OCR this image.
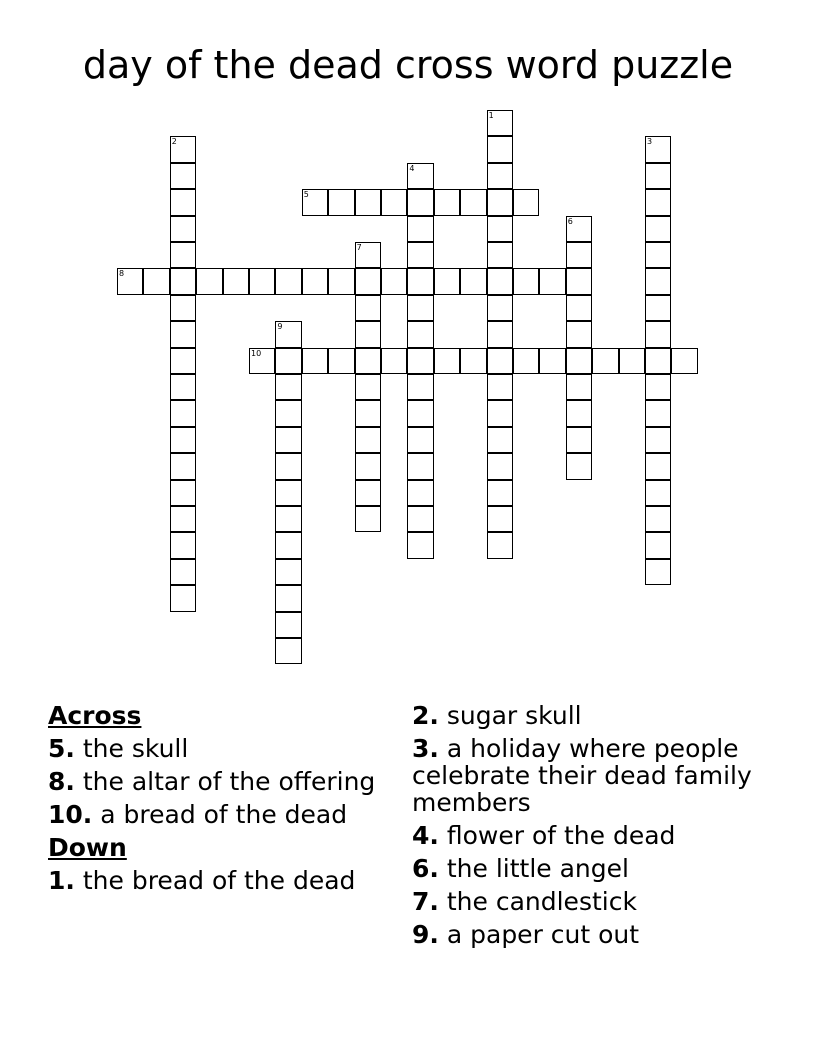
day of the dead cross word puzzle
1
2	3
4
5
6
7
8
9
10
Across
5. the skull
8. the altar of the offering
10. a bread of the dead
Down
1. the bread of the dead
2. sugar skull
3. a holiday where people celebrate their dead family members
4. flower of the dead
6. the little angel
7. the candlestick
9. a paper cut out
